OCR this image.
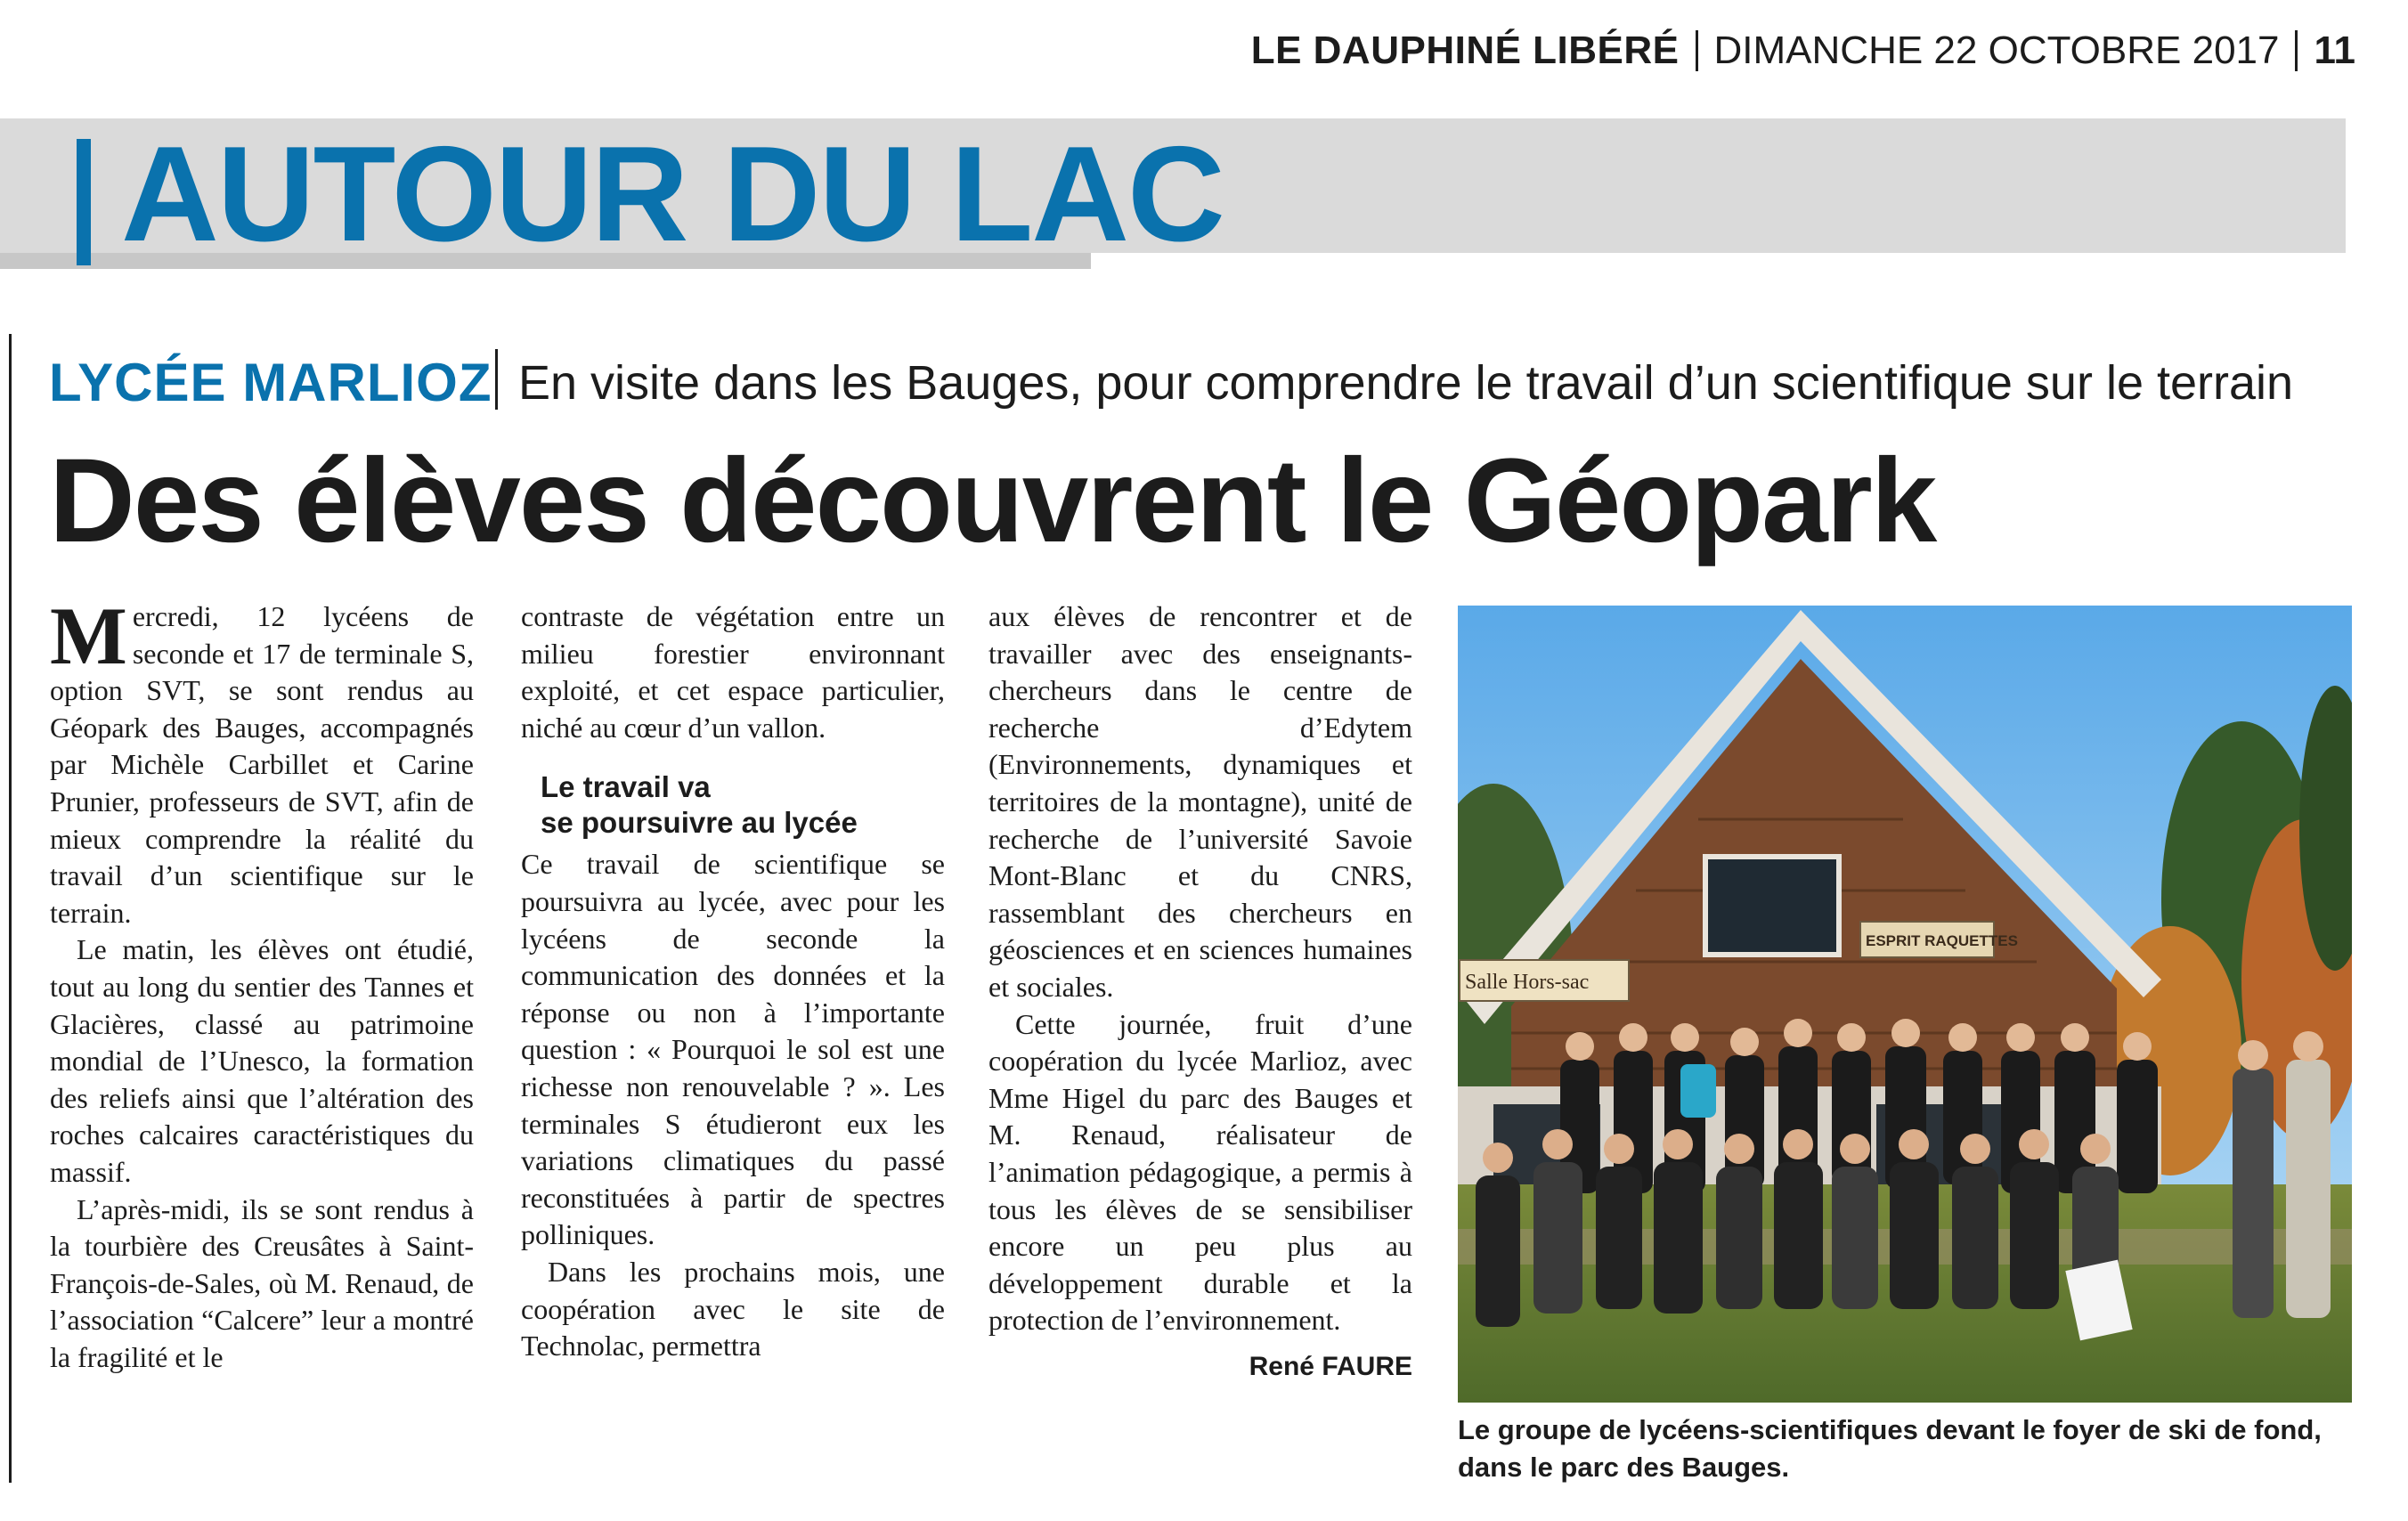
LE DAUPHINÉ LIBÉRÉ DIMANCHE 22 OCTOBRE 2017 11
AUTOUR DU LAC
LYCÉE MARLIOZ En visite dans les Bauges, pour comprendre le travail d’un scientifique sur le terrain
Des élèves découvrent le Géopark

Mercredi, 12 lycéens de seconde et 17 de terminale S, option SVT, se sont rendus au Géopark des Bauges, accompagnés par Michèle Carbillet et Carine Prunier, professeurs de SVT, afin de mieux comprendre la réalité du travail d’un scientifique sur le terrain.

Le matin, les élèves ont étudié, tout au long du sentier des Tannes et Glacières, classé au patrimoine mondial de l’Unesco, la formation des reliefs ainsi que l’altération des roches calcaires caractéristiques du massif.

L’après-midi, ils se sont rendus à la tourbière des Creusâtes à Saint-François-de-Sales, où M. Renaud, de l’association “Calcere” leur a montré la fragilité et le

contraste de végétation entre un milieu forestier environnant exploité, et cet espace particulier, niché au cœur d’un vallon.

Le travail va
se poursuivre au lycée

Ce travail de scientifique se poursuivra au lycée, avec pour les lycéens de seconde la communication des données et la réponse ou non à l’importante question : « Pourquoi le sol est une richesse non renouvelable ? ». Les terminales S étudieront eux les variations climatiques du passé reconstituées à partir de spectres polliniques.

Dans les prochains mois, une coopération avec le site de Technolac, permettra

aux élèves de rencontrer et de travailler avec des enseignants-chercheurs dans le centre de recherche d’Edytem (Environnements, dynamiques et territoires de la montagne), unité de recherche de l’université Savoie Mont-Blanc et du CNRS, rassemblant des chercheurs en géosciences et en sciences humaines et sociales.

Cette journée, fruit d’une coopération du lycée Marlioz, avec Mme Higel du parc des Bauges et M. Renaud, réalisateur de l’animation pédagogique, a permis à tous les élèves de se sensibiliser encore un peu plus au développement durable et la protection de l’environnement.

René FAURE
Salle Hors-sac
ESPRIT RAQUETTES
Le groupe de lycéens-scientifiques devant le foyer de ski de fond, dans le parc des Bauges.
